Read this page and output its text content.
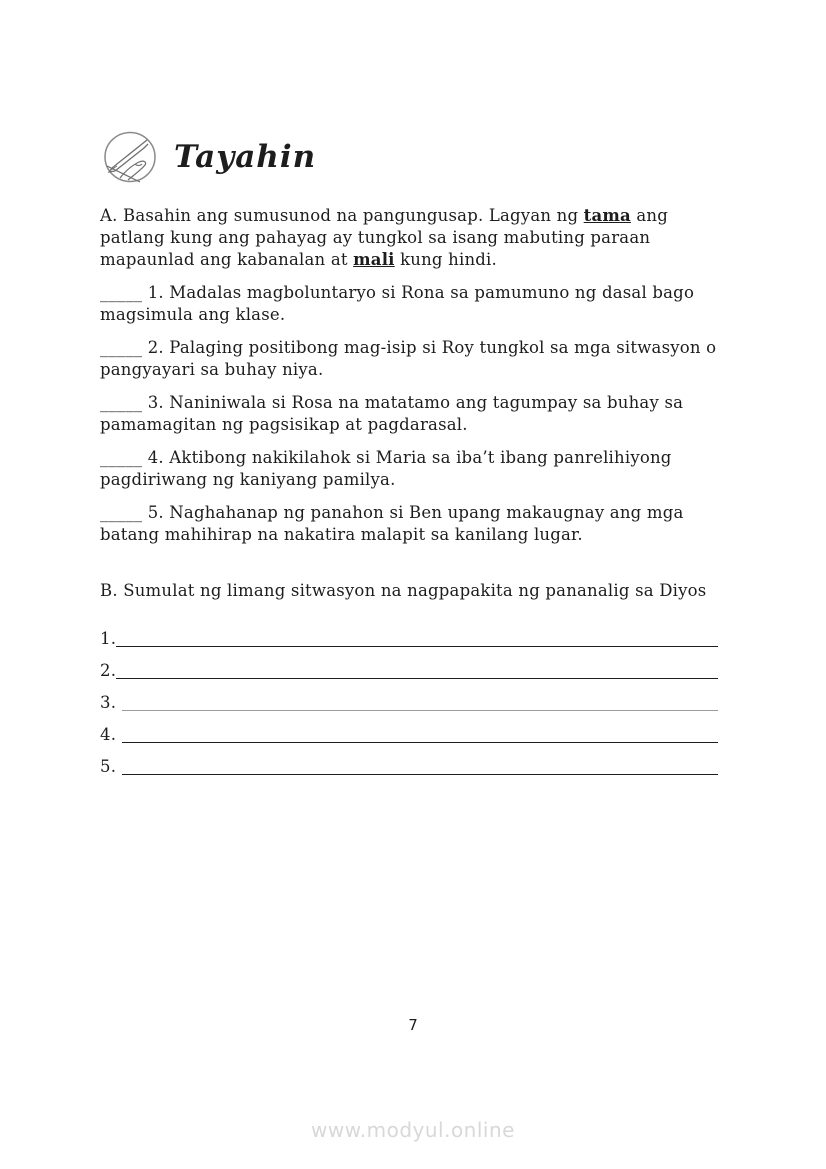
Tayahin

A. Basahin ang sumusunod na pangungusap. Lagyan ng tama ang patlang kung ang pahayag ay tungkol sa isang mabuting paraan mapaunlad ang kabanalan at mali kung hindi.

_____ 1. Madalas magboluntaryo si Rona sa pamumuno ng dasal bago magsimula ang klase.

_____ 2. Palaging positibong mag-isip si Roy tungkol sa mga sitwasyon o pangyayari sa buhay niya.

_____ 3. Naniniwala si Rosa na matatamo ang tagumpay sa buhay sa pamamagitan ng pagsisikap at pagdarasal.

_____ 4. Aktibong nakikilahok si Maria sa iba’t ibang panrelihiyong pagdiriwang ng kaniyang pamilya.

_____ 5. Naghahanap ng panahon si Ben upang makaugnay ang mga batang mahihirap na nakatira malapit sa kanilang lugar.

B. Sumulat ng limang sitwasyon na nagpapakita ng pananalig sa Diyos

1.
2.
3.
4.
5.
7
www.modyul.online
